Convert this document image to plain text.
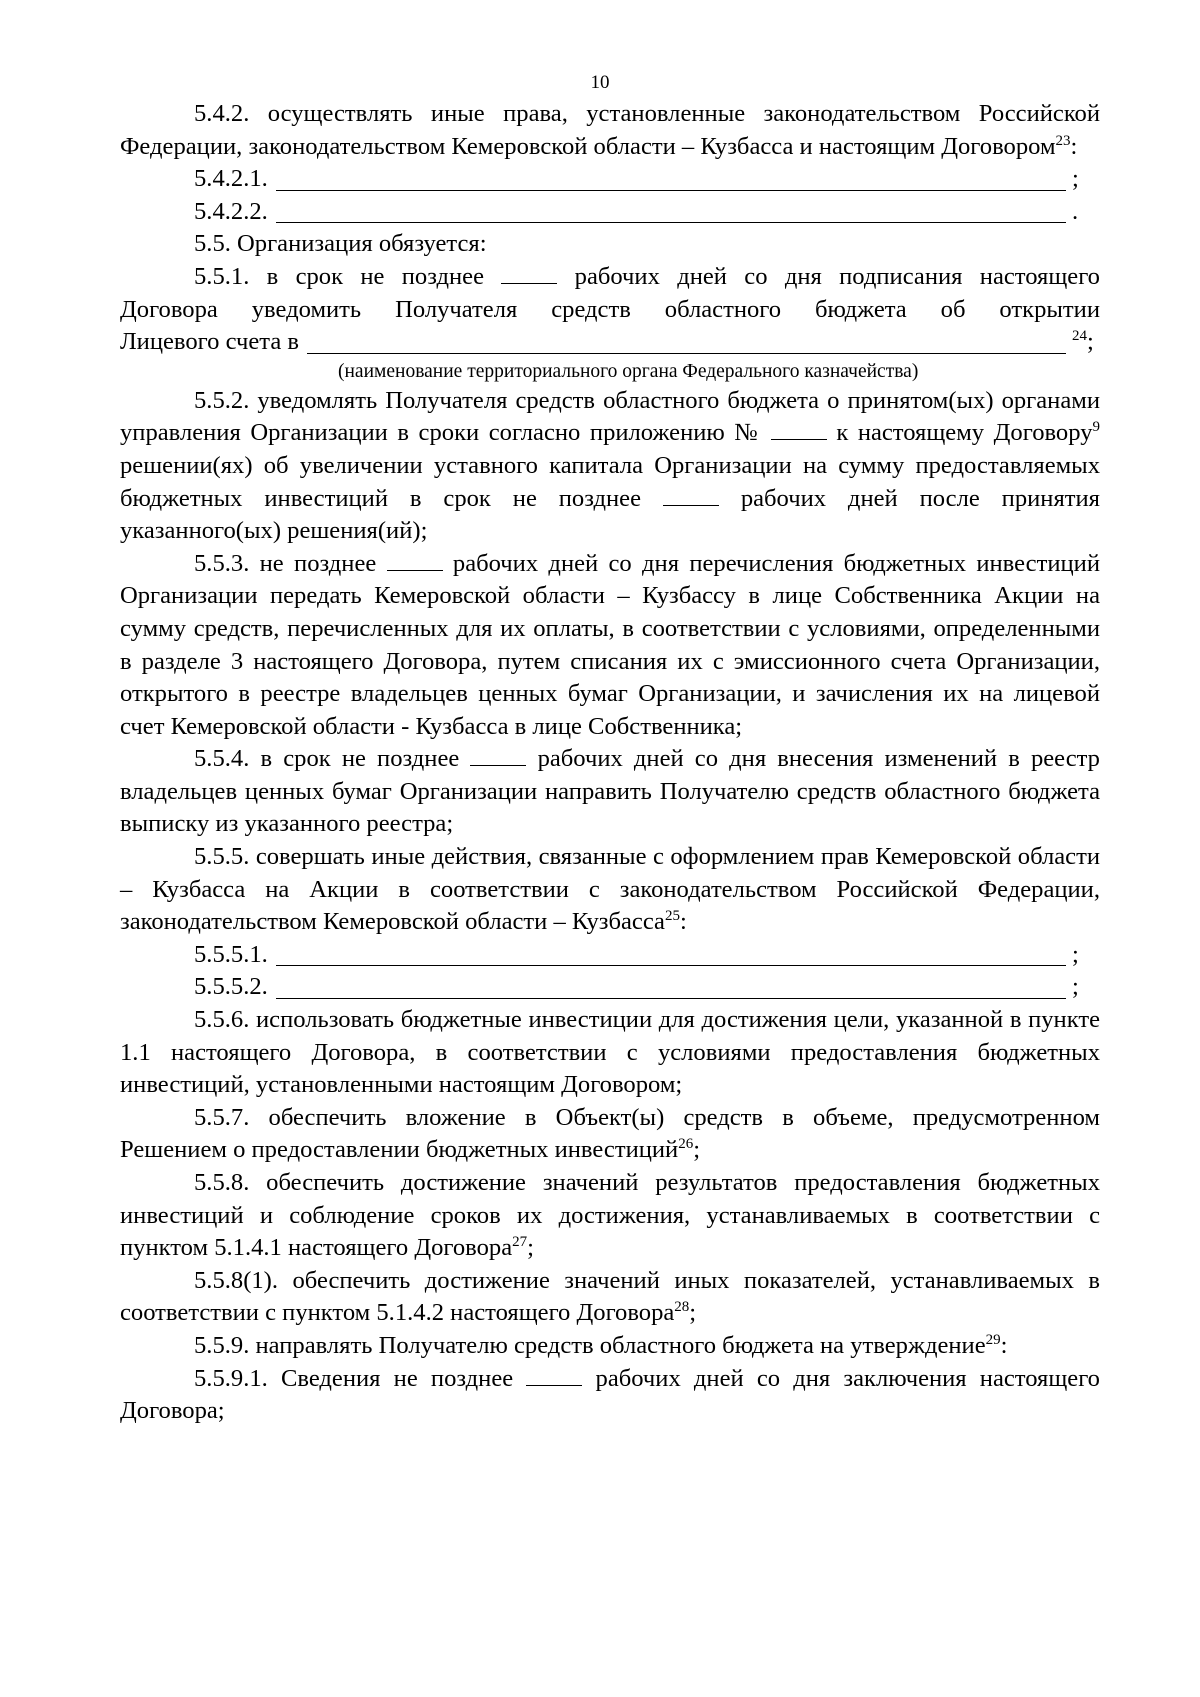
10

5.4.2. осуществлять иные права, установленные законодательством Российской Федерации, законодательством Кемеровской области – Кузбасса и настоящим Договором$^{23}$:

5.4.2.1.	;
5.4.2.2.	.

5.5. Организация обязуется:

5.5.1. в срок не позднее	рабочих дней со дня подписания настоящего

Договора уведомить Получателя средств областного бюджета об открытии

Лицевого счета в	$^{24}$;

(наименование территориального органа Федерального казначейства)

5.5.2. уведомлять Получателя средств областного бюджета о принятом(ых) органами управления Организации в сроки согласно приложению №	к настоящему Договору$^9$ решении(ях) об увеличении уставного капитала Организации на сумму предоставляемых бюджетных инвестиций в срок не позднее	рабочих дней после принятия указанного(ых) решения(ий);

5.5.3. не позднее	рабочих дней со дня перечисления бюджетных инвестиций Организации передать Кемеровской области – Кузбассу в лице Собственника Акции на сумму средств, перечисленных для их оплаты, в соответствии с условиями, определенными в разделе 3 настоящего Договора, путем списания их с эмиссионного счета Организации, открытого в реестре владельцев ценных бумаг Организации, и зачисления их на лицевой счет Кемеровской области - Кузбасса в лице Собственника;

5.5.4. в срок не позднее	рабочих дней со дня внесения изменений в реестр владельцев ценных бумаг Организации направить Получателю средств областного бюджета выписку из указанного реестра;

5.5.5. совершать иные действия, связанные с оформлением прав Кемеровской области – Кузбасса на Акции в соответствии с законодательством Российской Федерации, законодательством Кемеровской области – Кузбасса$^{25}$:

5.5.5.1.	;
5.5.5.2.	;

5.5.6. использовать бюджетные инвестиции для достижения цели, указанной в пункте 1.1 настоящего Договора, в соответствии с условиями предоставления бюджетных инвестиций, установленными настоящим Договором;

5.5.7. обеспечить вложение в Объект(ы) средств в объеме, предусмотренном Решением о предоставлении бюджетных инвестиций$^{26}$;

5.5.8. обеспечить достижение значений результатов предоставления бюджетных инвестиций и соблюдение сроков их достижения, устанавливаемых в соответствии с пунктом 5.1.4.1 настоящего Договора$^{27}$;

5.5.8(1). обеспечить достижение значений иных показателей, устанавливаемых в соответствии с пунктом 5.1.4.2 настоящего Договора$^{28}$;

5.5.9. направлять Получателю средств областного бюджета на утверждение$^{29}$:

5.5.9.1. Сведения не позднее	рабочих дней со дня заключения настоящего Договора;
